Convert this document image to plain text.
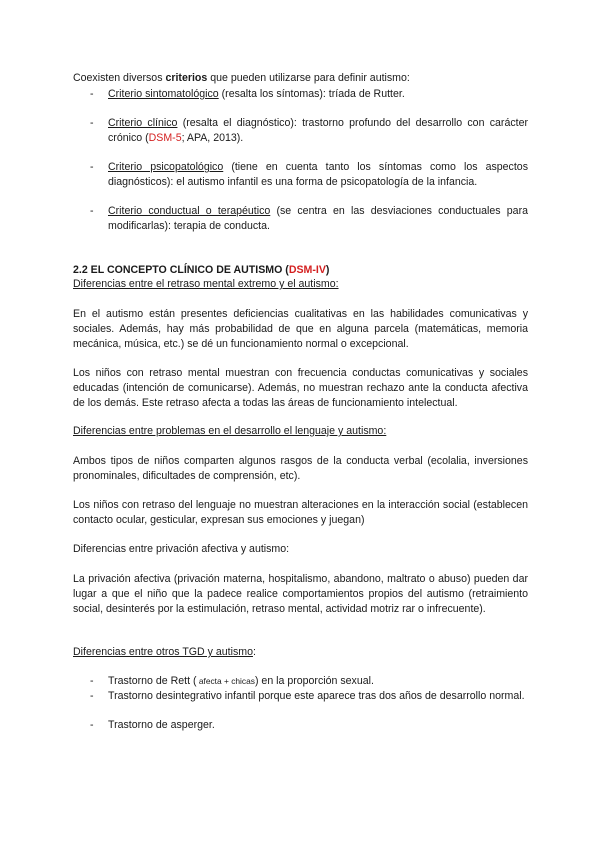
Coexisten diversos criterios que pueden utilizarse para definir autismo:

- Criterio sintomatológico (resalta los síntomas): tríada de Rutter.

- Criterio clínico (resalta el diagnóstico): trastorno profundo del desarrollo con carácter crónico (DSM-5; APA, 2013).

- Criterio psicopatológico (tiene en cuenta tanto los síntomas como los aspectos diagnósticos): el autismo infantil es una forma de psicopatología de la infancia.

- Criterio conductual o terapéutico (se centra en las desviaciones conductuales para modificarlas): terapia de conducta.

2.2 EL CONCEPTO CLÍNICO DE AUTISMO (DSM-IV)

Diferencias entre el retraso mental extremo y el autismo:

En el autismo están presentes deficiencias cualitativas en las habilidades comunicativas y sociales. Además, hay más probabilidad de que en alguna parcela (matemáticas, memoria mecánica, música, etc.) se dé un funcionamiento normal o excepcional.

Los niños con retraso mental muestran con frecuencia conductas comunicativas y sociales educadas (intención de comunicarse). Además, no muestran rechazo ante la conducta afectiva de los demás. Este retraso afecta a todas las áreas de funcionamiento intelectual.

Diferencias entre problemas en el desarrollo el lenguaje y autismo:

Ambos tipos de niños comparten algunos rasgos de la conducta verbal (ecolalia, inversiones pronominales, dificultades de comprensión, etc).

Los niños con retraso del lenguaje no muestran alteraciones en la interacción social (establecen contacto ocular, gesticular, expresan sus emociones y juegan)

Diferencias entre privación afectiva y autismo:

La privación afectiva (privación materna, hospitalismo, abandono, maltrato o abuso) pueden dar lugar a que el niño que la padece realice comportamientos propios del autismo (retraimiento social, desinterés por la estimulación, retraso mental, actividad motriz rar o infrecuente).

Diferencias entre otros TGD y autismo:

- Trastorno de Rett ( afecta + chicas) en la proporción sexual.

- Trastorno desintegrativo infantil porque este aparece tras dos años de desarrollo normal.

- Trastorno de asperger.
